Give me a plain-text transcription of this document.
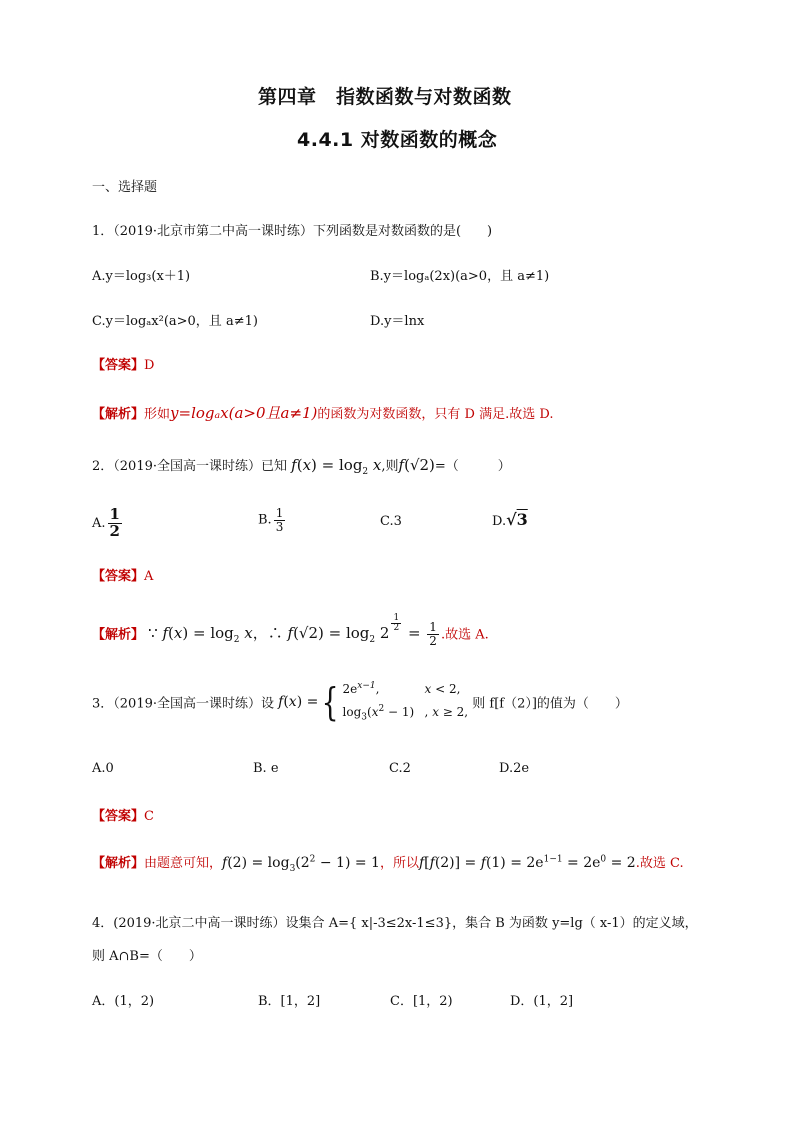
第四章　指数函数与对数函数
4.4.1 对数函数的概念
一、选择题
1．（2019·北京市第二中高一课时练）下列函数是对数函数的是(　　)
A.y＝log₃(x＋1)	B.y＝logₐ(2x)(a>0，且 a≠1)
C.y＝logₐx²(a>0，且 a≠1)	D.y＝lnx
【答案】D
【解析】形如y=logₐx(a>0且a≠1)的函数为对数函数，只有 D 满足.故选 D.
2．（2019·全国高一课时练）已知 $f(x) = \log_2 x$,则f(√2)=（　　　）
A. $\frac{1}{2}$	B. $\frac{1}{3}$	C.3	D.√3
【答案】A
【解析】 ∵ $f(x) = \log_2 x$，∴ $f(√2) = \log_2 2$ $^{\frac{1}{2}} = \frac{1}{2}$ .故选 A.
3．（2019·全国高一课时练）设 f(x) ={ $2e^{x-1}$,	x < 2,
$\log_3(x^2 - 1)$ , x ≥ 2,
则 f[f（2）]的值为（　　）
A.0	B. e	C.2	D.2e
【答案】C
【解析】由题意可知，$f(2) = \log_3(2^2 - 1) = 1$，所以$f[f(2)] = f(1) = 2e^{1-1} = 2e^0 = 2$.故选 C.
4．(2019·北京二中高一课时练）设集合 A={ x|-3≤2x-1≤3}，集合 B 为函数 y=lg（ x-1）的定义域，
则 A∩B=（　　）
A．(1，2)	B．[1，2]	C．[1，2)	D．(1，2]
